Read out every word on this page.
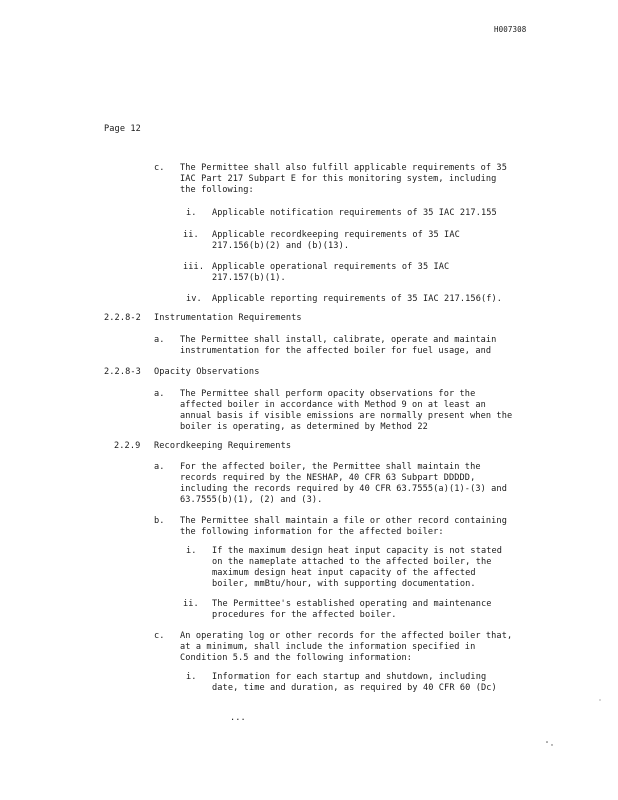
H007308
Page 12
c. The Permittee shall also fulfill applicable requirements of 35
IAC Part 217 Subpart E for this monitoring system, including
the following:
i. Applicable notification requirements of 35 IAC 217.155
ii. Applicable recordkeeping requirements of 35 IAC
217.156(b)(2) and (b)(13).
iii. Applicable operational requirements of 35 IAC
217.157(b)(1).
iv. Applicable reporting requirements of 35 IAC 217.156(f).
2.2.8-2 Instrumentation Requirements
a. The Permittee shall install, calibrate, operate and maintain
instrumentation for the affected boiler for fuel usage, and
2.2.8-3 Opacity Observations
a. The Permittee shall perform opacity observations for the
affected boiler in accordance with Method 9 on at least an
annual basis if visible emissions are normally present when the
boiler is operating, as determined by Method 22
2.2.9 Recordkeeping Requirements
a. For the affected boiler, the Permittee shall maintain the
records required by the NESHAP, 40 CFR 63 Subpart DDDDD,
including the records required by 40 CFR 63.7555(a)(1)-(3) and
63.7555(b)(1), (2) and (3).
b. The Permittee shall maintain a file or other record containing
the following information for the affected boiler:
i. If the maximum design heat input capacity is not stated
on the nameplate attached to the affected boiler, the
maximum design heat input capacity of the affected
boiler, mmBtu/hour, with supporting documentation.
ii. The Permittee's established operating and maintenance
procedures for the affected boiler.
c. An operating log or other records for the affected boiler that,
at a minimum, shall include the information specified in
Condition 5.5 and the following information:
i. Information for each startup and shutdown, including
date, time and duration, as required by 40 CFR 60 (Dc)
...
